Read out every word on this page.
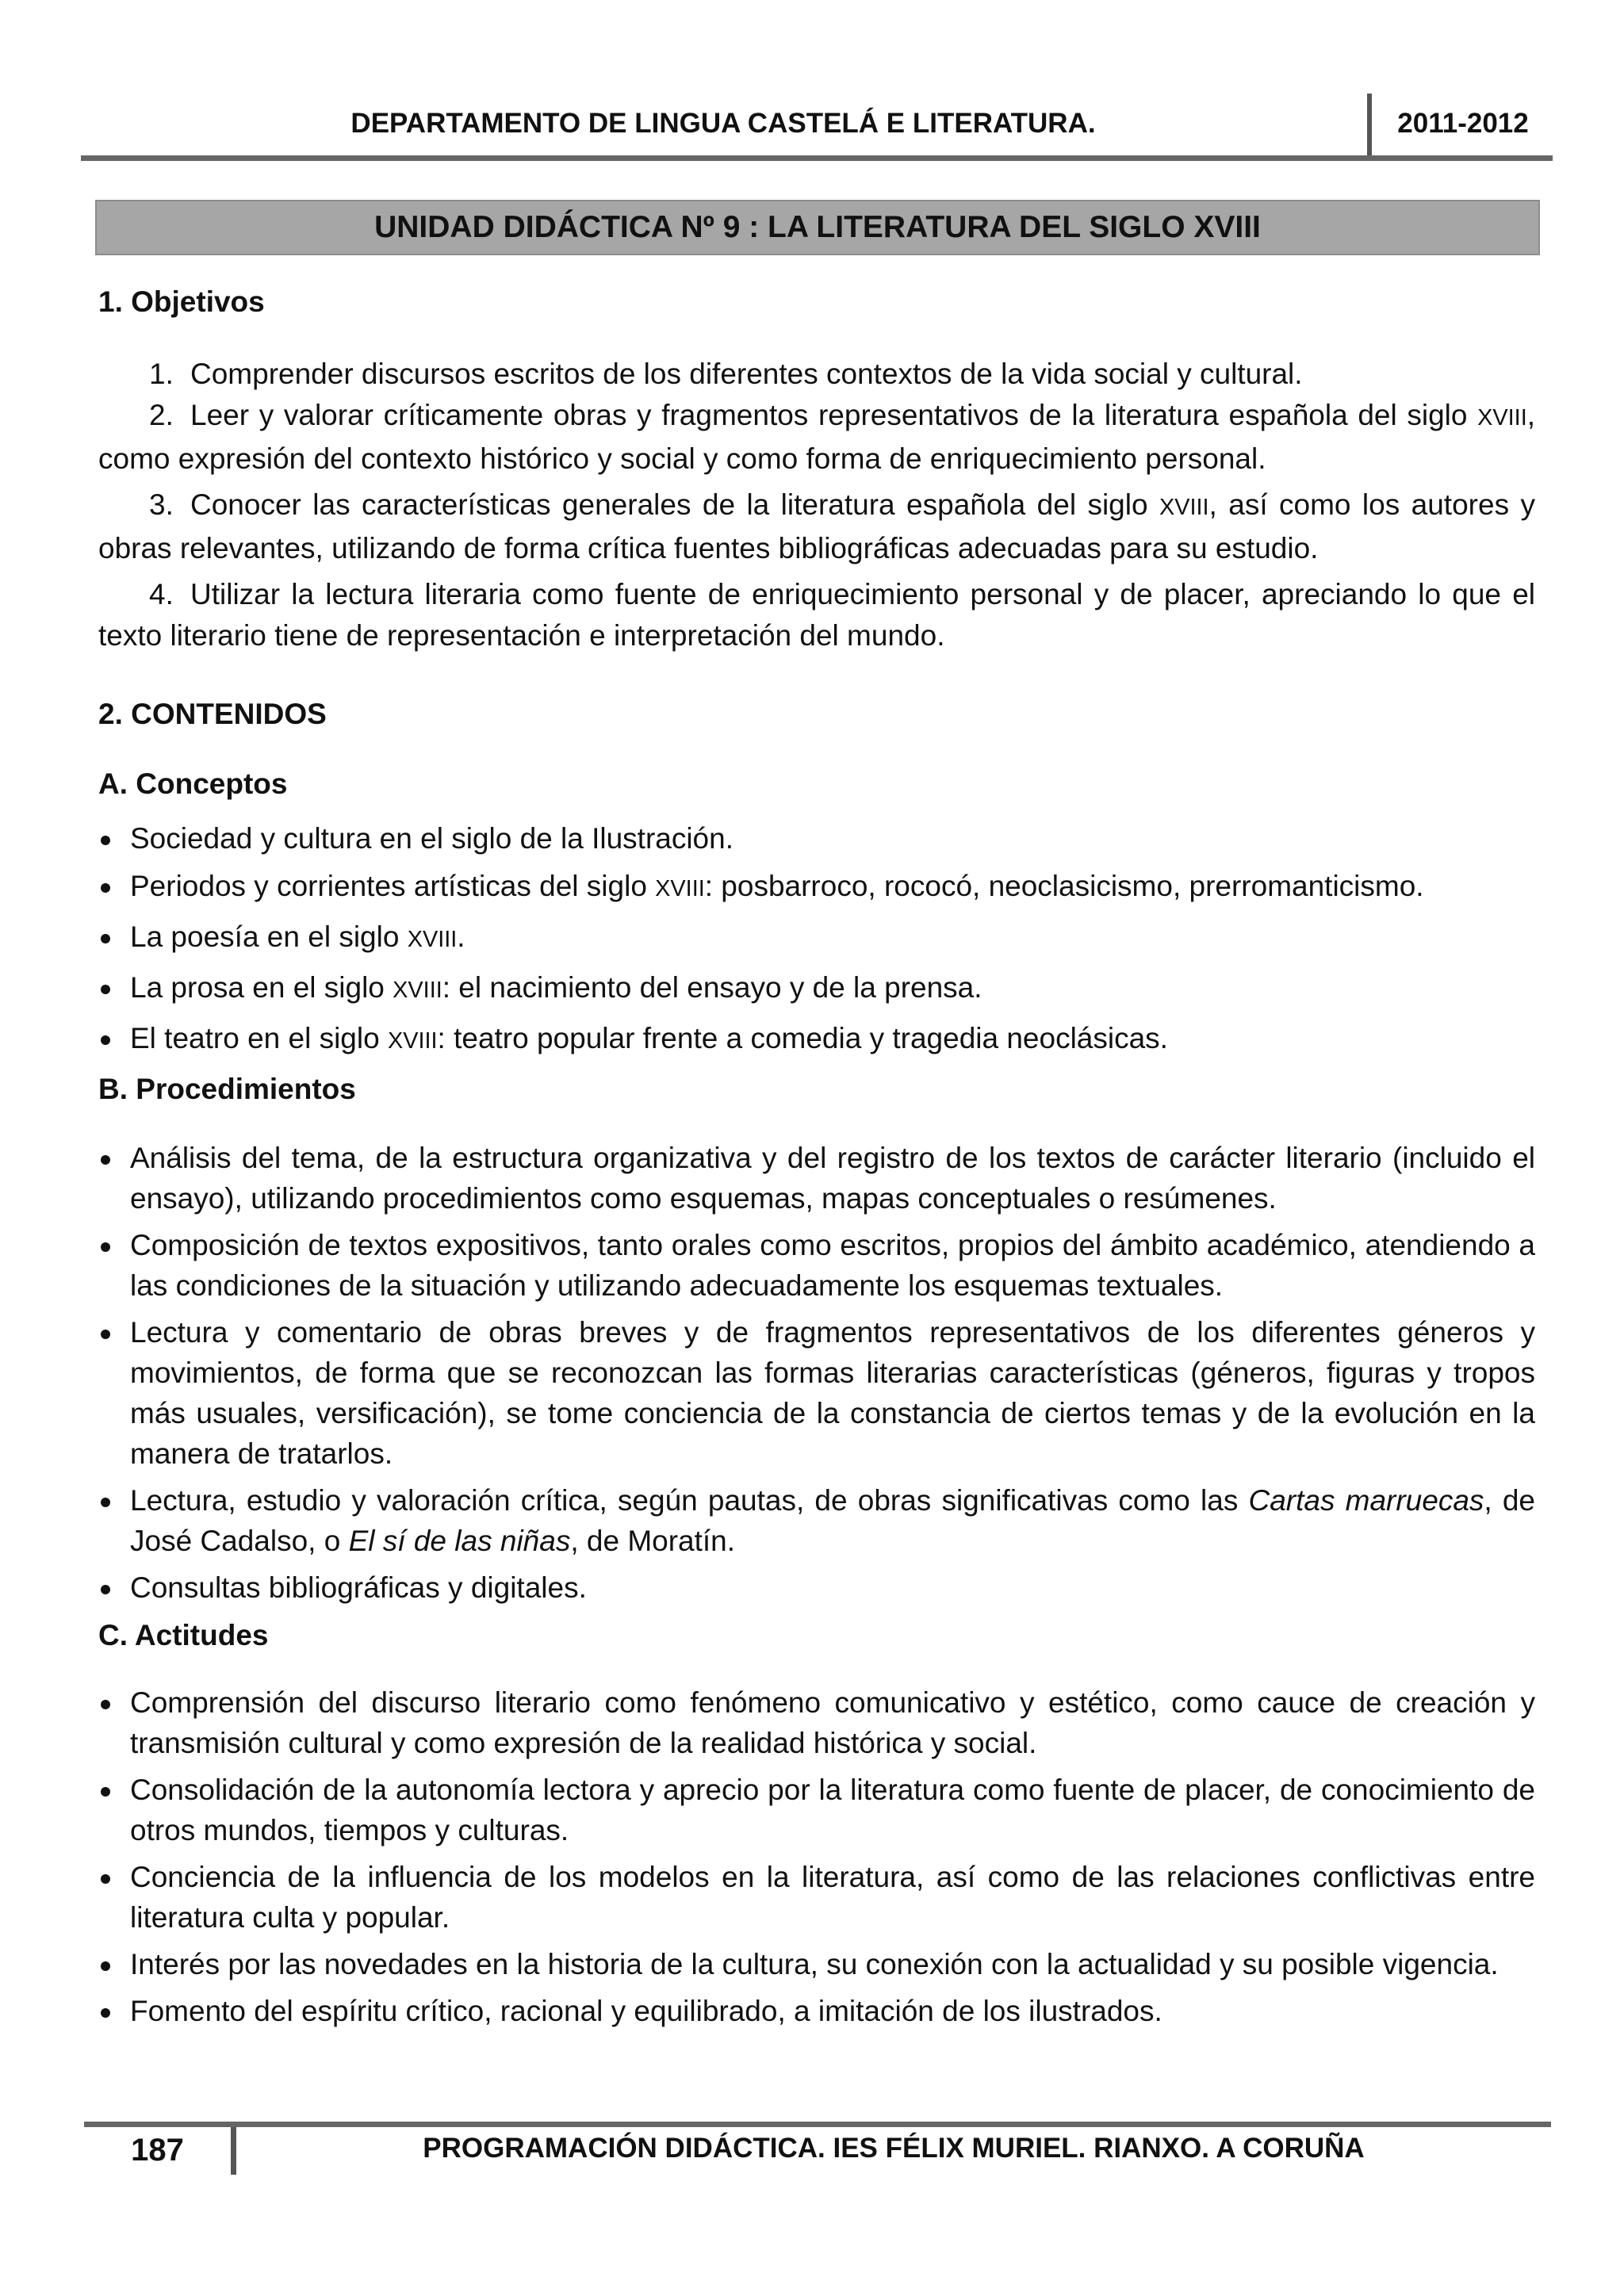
DEPARTAMENTO DE LINGUA CASTELÁ E LITERATURA.	2011-2012
UNIDAD DIDÁCTICA Nº 9 : LA LITERATURA DEL SIGLO XVIII

1. Objetivos

1. Comprender discursos escritos de los diferentes contextos de la vida social y cultural.

2. Leer y valorar críticamente obras y fragmentos representativos de la literatura española del siglo XVIII, como expresión del contexto histórico y social y como forma de enriquecimiento personal.

3. Conocer las características generales de la literatura española del siglo XVIII, así como los autores y obras relevantes, utilizando de forma crítica fuentes bibliográficas adecuadas para su estudio.

4. Utilizar la lectura literaria como fuente de enriquecimiento personal y de placer, apreciando lo que el texto literario tiene de representación e interpretación del mundo.

2. CONTENIDOS

A. Conceptos

Sociedad y cultura en el siglo de la Ilustración.
Periodos y corrientes artísticas del siglo XVIII: posbarroco, rococó, neoclasicismo, prerromanticismo.
La poesía en el siglo XVIII.
La prosa en el siglo XVIII: el nacimiento del ensayo y de la prensa.
El teatro en el siglo XVIII: teatro popular frente a comedia y tragedia neoclásicas.

B. Procedimientos

Análisis del tema, de la estructura organizativa y del registro de los textos de carácter literario (incluido el ensayo), utilizando procedimientos como esquemas, mapas conceptuales o resúmenes.
Composición de textos expositivos, tanto orales como escritos, propios del ámbito académico, atendiendo a las condiciones de la situación y utilizando adecuadamente los esquemas textuales.
Lectura y comentario de obras breves y de fragmentos representativos de los diferentes géneros y movimientos, de forma que se reconozcan las formas literarias características (géneros, figuras y tropos más usuales, versificación), se tome conciencia de la constancia de ciertos temas y de la evolución en la manera de tratarlos.
Lectura, estudio y valoración crítica, según pautas, de obras significativas como las Cartas marruecas, de José Cadalso, o El sí de las niñas, de Moratín.
Consultas bibliográficas y digitales.

C. Actitudes

Comprensión del discurso literario como fenómeno comunicativo y estético, como cauce de creación y transmisión cultural y como expresión de la realidad histórica y social.
Consolidación de la autonomía lectora y aprecio por la literatura como fuente de placer, de conocimiento de otros mundos, tiempos y culturas.
Conciencia de la influencia de los modelos en la literatura, así como de las relaciones conflictivas entre literatura culta y popular.
Interés por las novedades en la historia de la cultura, su conexión con la actualidad y su posible vigencia.
Fomento del espíritu crítico, racional y equilibrado, a imitación de los ilustrados.
187	PROGRAMACIÓN DIDÁCTICA. IES FÉLIX MURIEL. RIANXO. A CORUÑA
